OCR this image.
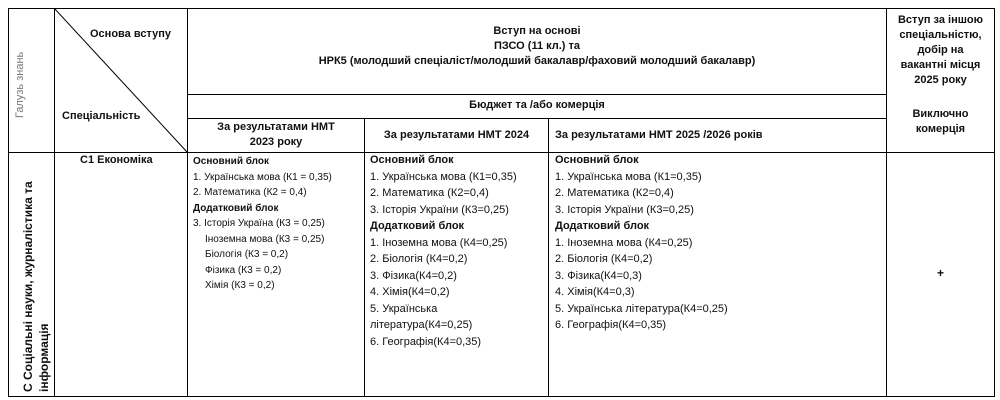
Галузь знань
Основа вступу
Спеціальність
Вступ на основі
ПЗСО (11 кл.) та
НРК5 (молодший спеціаліст/молодший бакалавр/фаховий молодший бакалавр)
Вступ за іншою
спеціальністю,
добір на
вакантні місця
2025 року
Бюджет та /або комерція
Виключно
комерція
За результатами НМТ
2023 року
За результатами НМТ 2024	За результатами НМТ 2025 /2026 років
С Соціальні науки, журналістика та інформація
С1 Економіка	Основний блок
1. Українська мова (К1 = 0,35)
2. Математика (К2 = 0,4)
Додатковий блок
3. Історія Україна (К3 = 0,25)
Іноземна мова (К3 = 0,25)
Біологія (К3 = 0,2)
Фізика (К3 = 0,2)
Хімія (К3 = 0,2)
Основний блок
1. Українська мова (К1=0,35)
2. Математика (К2=0,4)
3. Історія України (К3=0,25)
Додатковий блок
1. Іноземна мова (К4=0,25)
2. Біологія (К4=0,2)
3. Фізика(К4=0,2)
4. Хімія(К4=0,2)
5. Українська
література(К4=0,25)
6. Географія(К4=0,35)
Основний блок
1. Українська мова (К1=0,35)
2. Математика (К2=0,4)
3. Історія України (К3=0,25)
Додатковий блок
1. Іноземна мова (К4=0,25)
2. Біологія (К4=0,2)
3. Фізика(К4=0,3)
4. Хімія(К4=0,3)
5. Українська література(К4=0,25)
6. Географія(К4=0,35)
+
